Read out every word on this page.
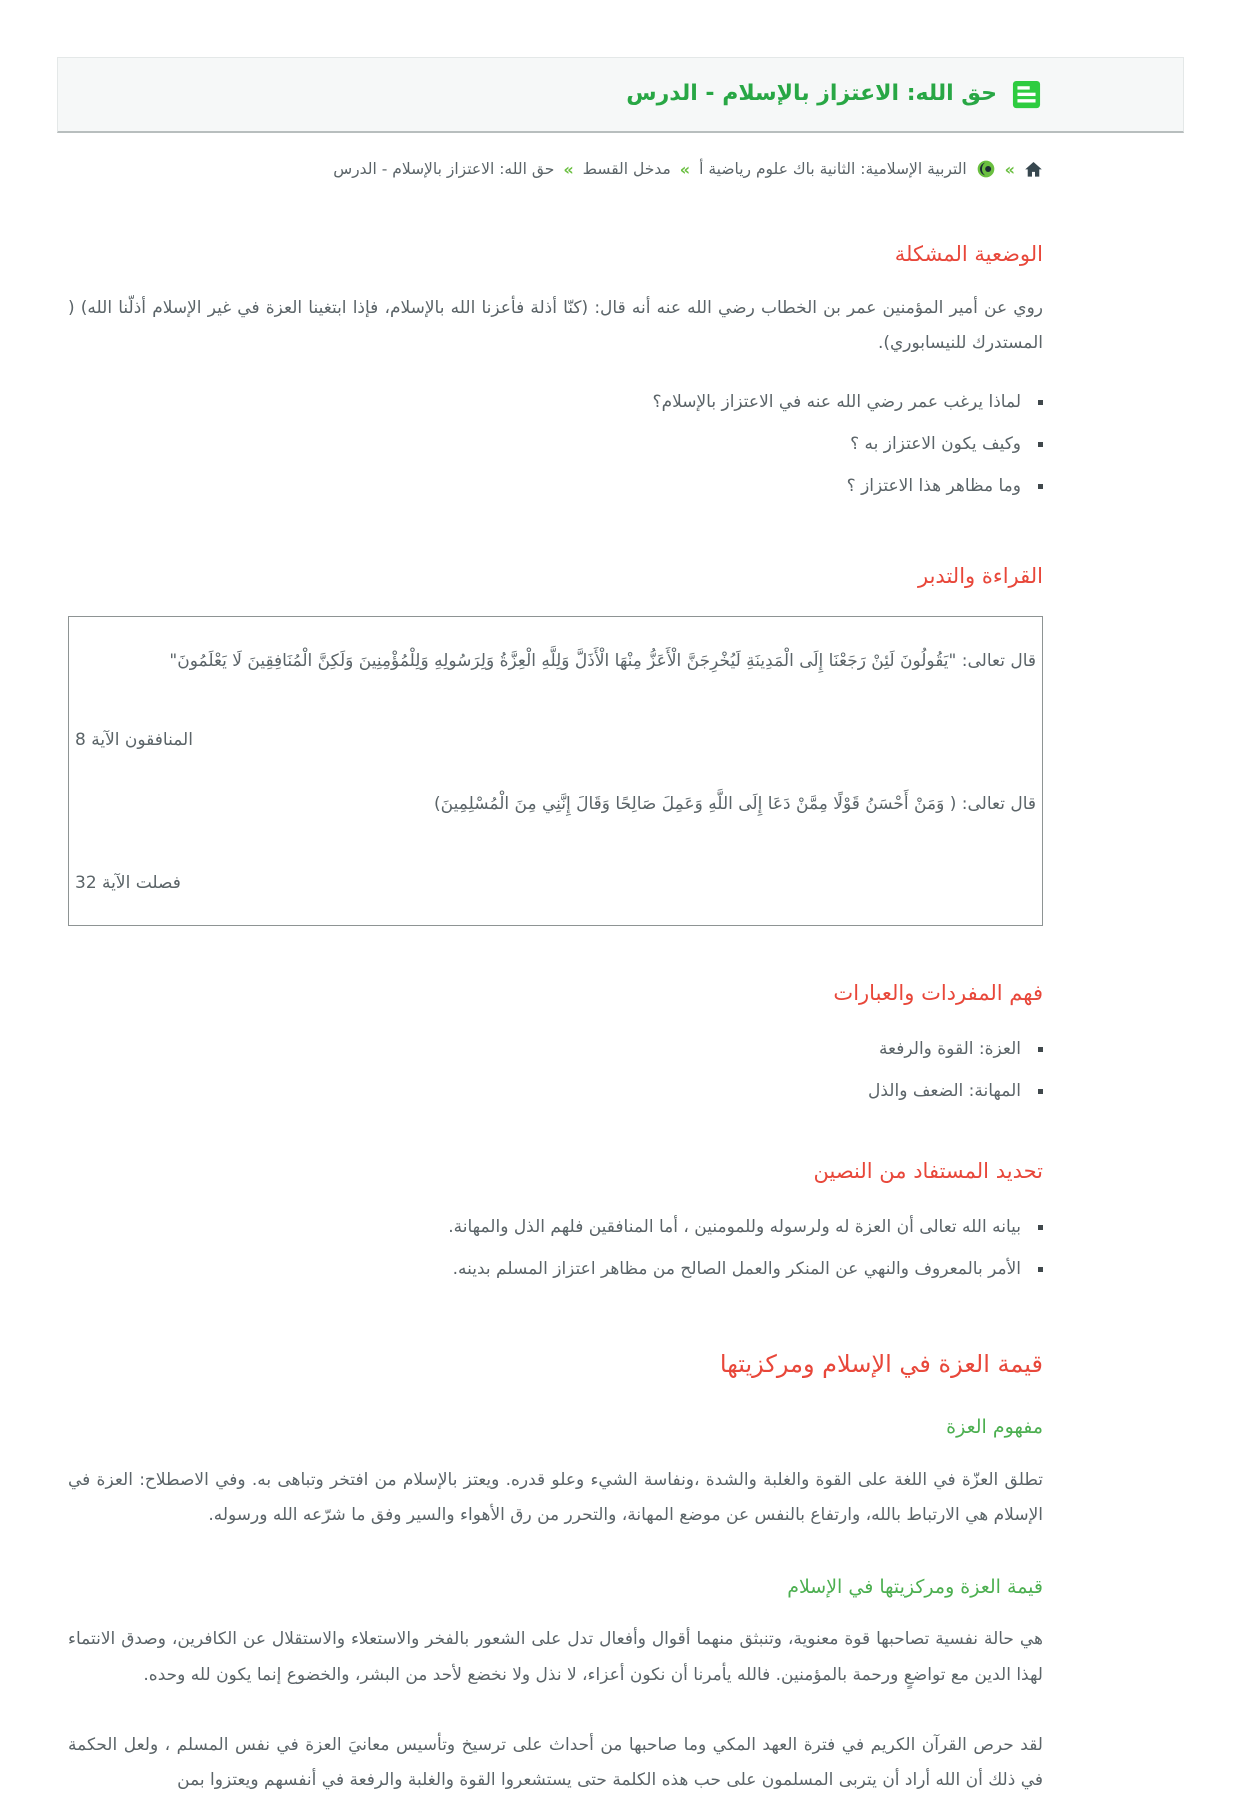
حق الله: الاعتزاز بالإسلام - الدرس
»
التربية الإسلامية: الثانية باك علوم رياضية أ
»
مدخل القسط
»
حق الله: الاعتزاز بالإسلام - الدرس
الوضعية المشكلة

روي عن أمير المؤمنين عمر بن الخطاب رضي الله عنه أنه قال: (كنّا أذلة فأعزنا الله بالإسلام، فإذا ابتغينا العزة في غير الإسلام أذلّنا الله) ( المستدرك للنيسابوري).

▪ لماذا يرغب عمر رضي الله عنه في الاعتزاز بالإسلام؟
▪ وكيف يكون الاعتزاز به ؟
▪ وما مظاهر هذا الاعتزاز ؟
القراءة والتدبر

قال تعالى: "يَقُولُونَ لَئِنْ رَجَعْنَا إِلَى الْمَدِينَةِ لَيُخْرِجَنَّ الْأَعَزُّ مِنْهَا الْأَذَلَّ وَلِلَّهِ الْعِزَّةُ وَلِرَسُولِهِ وَلِلْمُؤْمِنِينَ وَلَكِنَّ الْمُنَافِقِينَ لَا يَعْلَمُونَ"

المنافقون الآية 8

قال تعالى: ( وَمَنْ أَحْسَنُ قَوْلًا مِمَّنْ دَعَا إِلَى اللَّهِ وَعَمِلَ صَالِحًا وَقَالَ إِنَّنِي مِنَ الْمُسْلِمِينَ)

فصلت الآية 32

فهم المفردات والعبارات
▪ العزة: القوة والرفعة
▪ المهانة: الضعف والذل
تحديد المستفاد من النصين
▪ بيانه الله تعالى أن العزة له ولرسوله وللمومنين ، أما المنافقين فلهم الذل والمهانة.
▪ الأمر بالمعروف والنهي عن المنكر والعمل الصالح من مظاهر اعتزاز المسلم بدينه.
قيمة العزة في الإسلام ومركزيتها
مفهوم العزة

تطلق العزّة في اللغة على القوة والغلبة والشدة ،ونفاسة الشيء وعلو قدره. ويعتز بالإسلام من افتخر وتباهى به. وفي الاصطلاح: العزة في الإسلام هي الارتباط بالله، وارتفاع بالنفس عن موضع المهانة، والتحرر من رق الأهواء والسير وفق ما شرّعه الله ورسوله.

قيمة العزة ومركزيتها في الإسلام

هي حالة نفسية تصاحبها قوة معنوية، وتنبثق منهما أقوال وأفعال تدل على الشعور بالفخر والاستعلاء والاستقلال عن الكافرين، وصدق الانتماء لهذا الدين مع تواضعٍ ورحمة بالمؤمنين. فالله يأمرنا أن نكون أعزاء، لا نذل ولا نخضع لأحد من البشر، والخضوع إنما يكون لله وحده.

لقد حرص القرآن الكريم في فترة العهد المكي وما صاحبها من أحداث على ترسيخ وتأسيس معانيَ العزة في نفس المسلم ، ولعل الحكمة في ذلك أن الله أراد أن يتربى المسلمون على حب هذه الكلمة حتى يستشعروا القوة والغلبة والرفعة في أنفسهم ويعتزوا بمن
